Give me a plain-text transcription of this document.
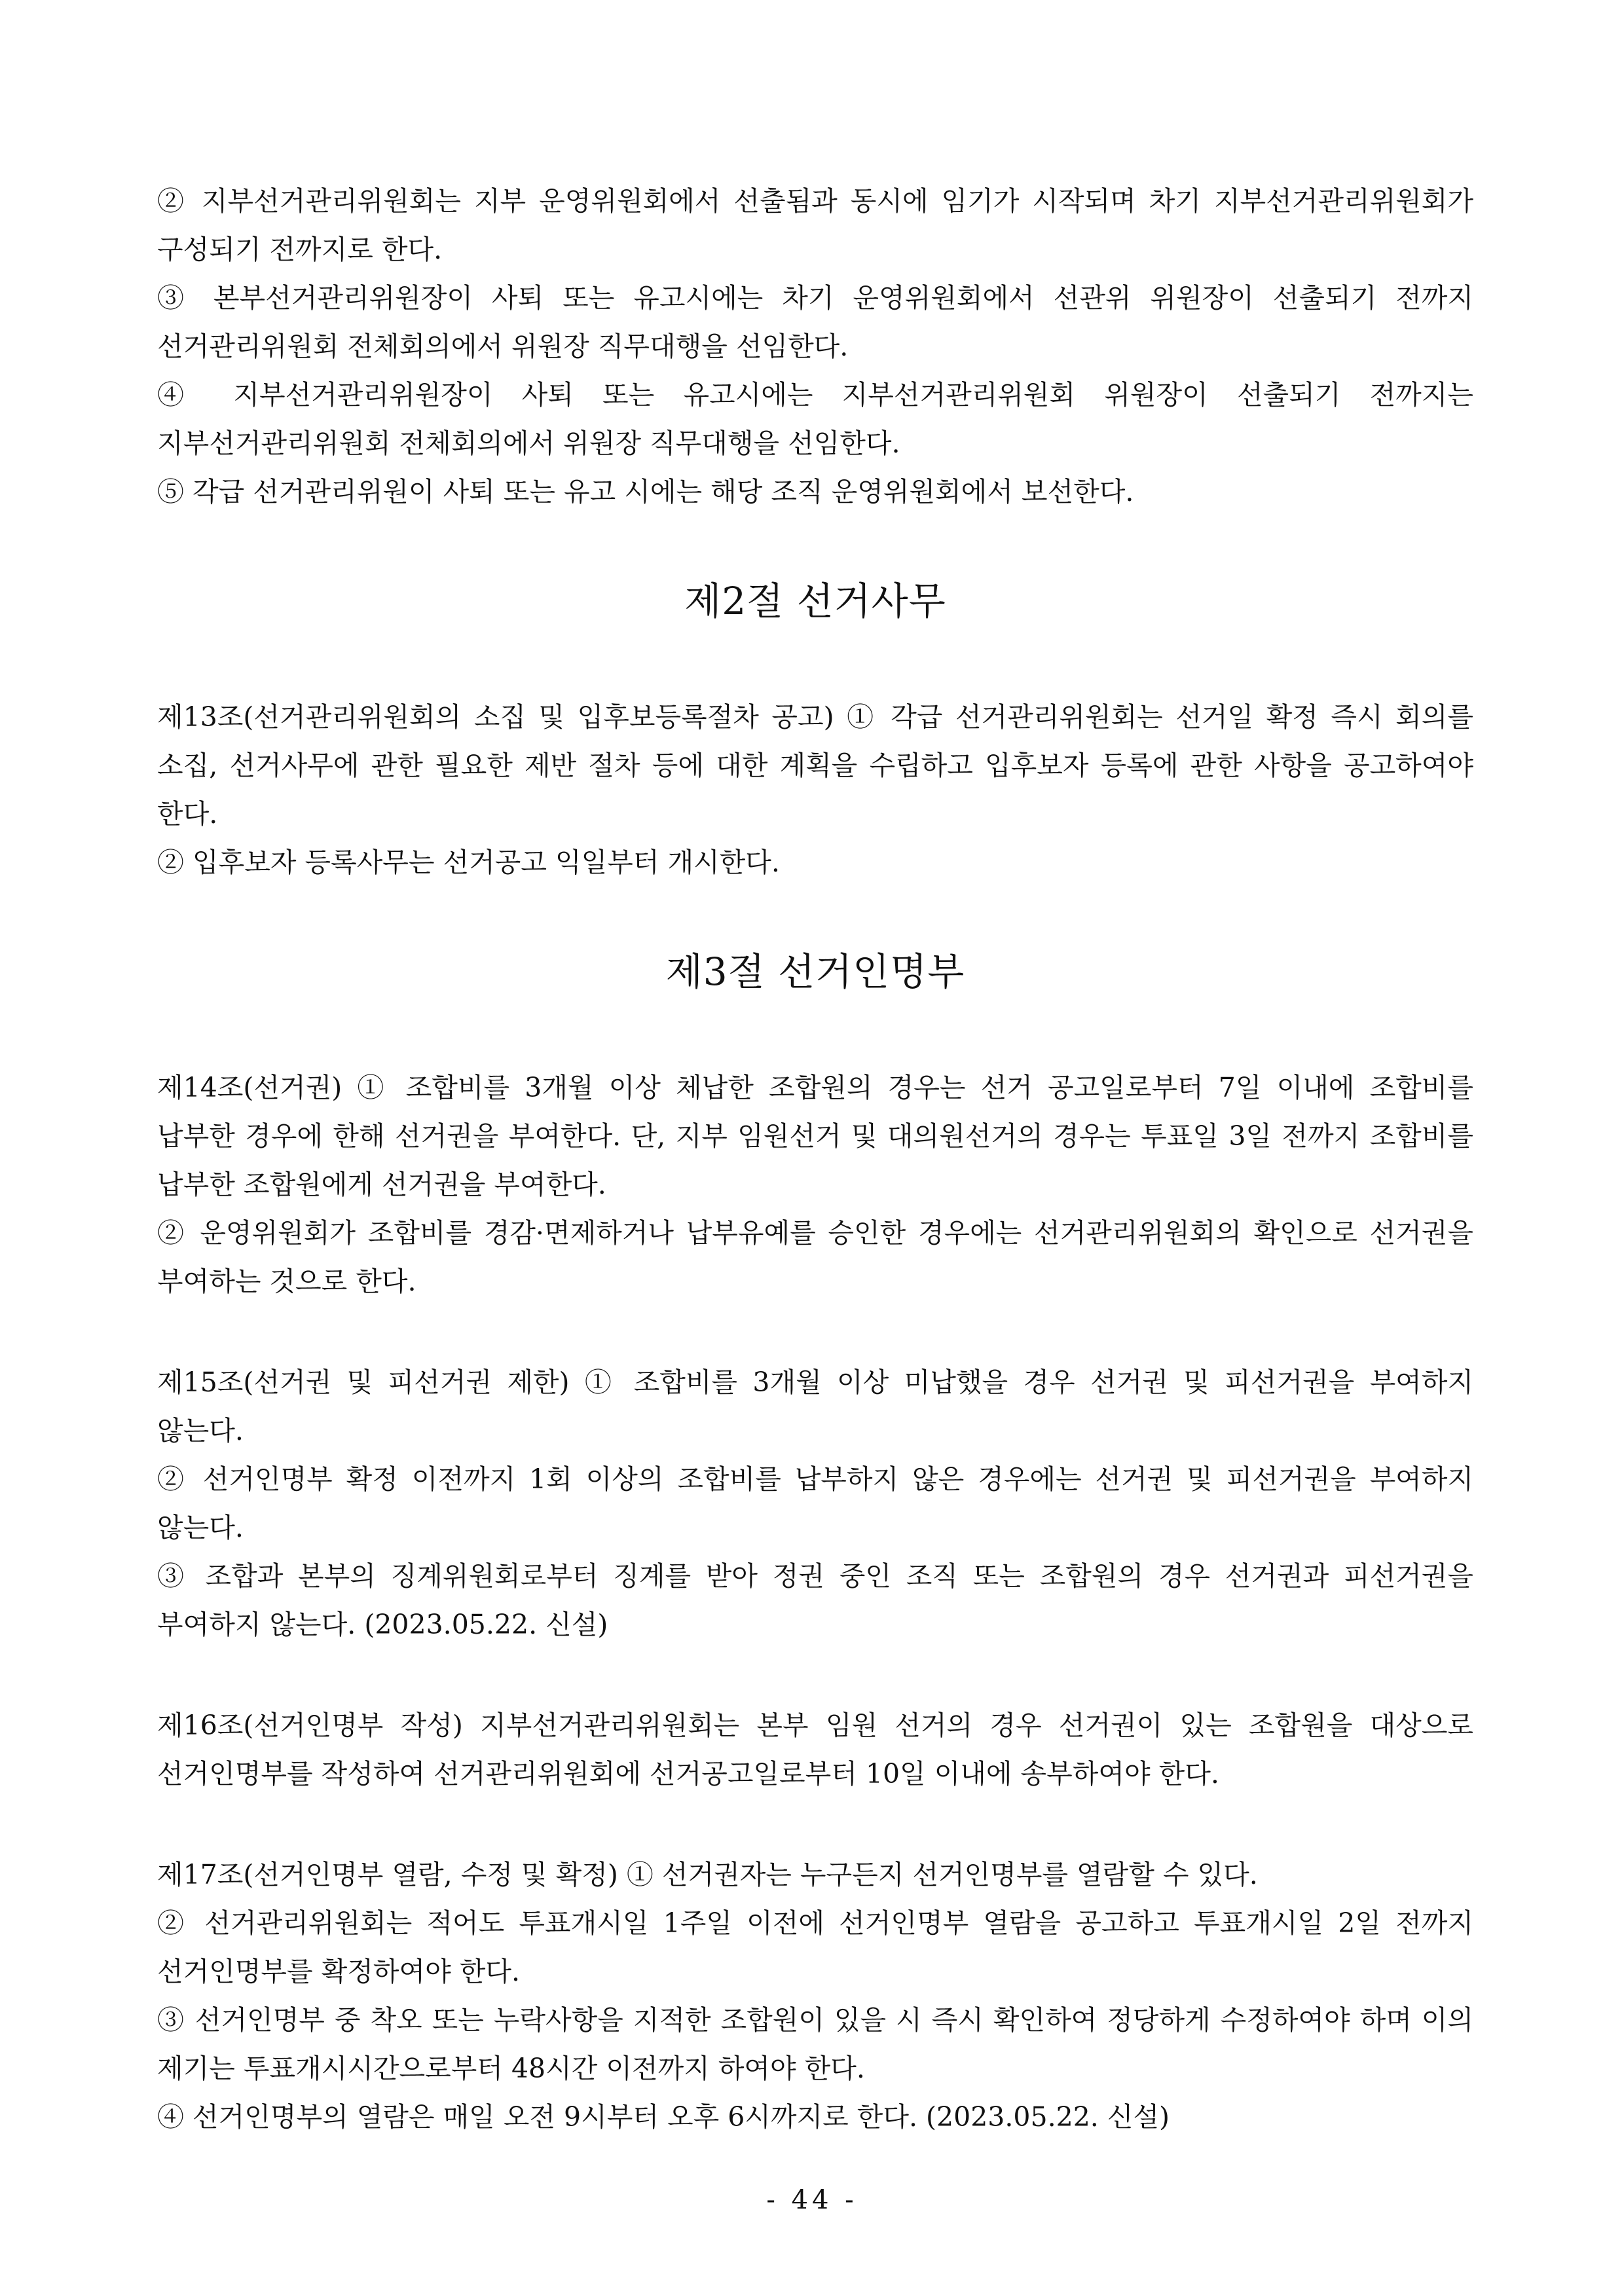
② 지부선거관리위원회는 지부 운영위원회에서 선출됨과 동시에 임기가 시작되며 차기 지부선거관리위원회가 구성되기 전까지로 한다.

③ 본부선거관리위원장이 사퇴 또는 유고시에는 차기 운영위원회에서 선관위 위원장이 선출되기 전까지 선거관리위원회 전체회의에서 위원장 직무대행을 선임한다.

④ 지부선거관리위원장이 사퇴 또는 유고시에는 지부선거관리위원회 위원장이 선출되기 전까지는 지부선거관리위원회 전체회의에서 위원장 직무대행을 선임한다.

⑤ 각급 선거관리위원이 사퇴 또는 유고 시에는 해당 조직 운영위원회에서 보선한다.

제2절 선거사무

제13조(선거관리위원회의 소집 및 입후보등록절차 공고) ① 각급 선거관리위원회는 선거일 확정 즉시 회의를 소집, 선거사무에 관한 필요한 제반 절차 등에 대한 계획을 수립하고 입후보자 등록에 관한 사항을 공고하여야 한다.

② 입후보자 등록사무는 선거공고 익일부터 개시한다.

제3절 선거인명부

제14조(선거권) ① 조합비를 3개월 이상 체납한 조합원의 경우는 선거 공고일로부터 7일 이내에 조합비를 납부한 경우에 한해 선거권을 부여한다. 단, 지부 임원선거 및 대의원선거의 경우는 투표일 3일 전까지 조합비를 납부한 조합원에게 선거권을 부여한다.

② 운영위원회가 조합비를 경감·면제하거나 납부유예를 승인한 경우에는 선거관리위원회의 확인으로 선거권을 부여하는 것으로 한다.

제15조(선거권 및 피선거권 제한) ① 조합비를 3개월 이상 미납했을 경우 선거권 및 피선거권을 부여하지 않는다.

② 선거인명부 확정 이전까지 1회 이상의 조합비를 납부하지 않은 경우에는 선거권 및 피선거권을 부여하지 않는다.

③ 조합과 본부의 징계위원회로부터 징계를 받아 정권 중인 조직 또는 조합원의 경우 선거권과 피선거권을 부여하지 않는다. (2023.05.22. 신설)

제16조(선거인명부 작성) 지부선거관리위원회는 본부 임원 선거의 경우 선거권이 있는 조합원을 대상으로 선거인명부를 작성하여 선거관리위원회에 선거공고일로부터 10일 이내에 송부하여야 한다.

제17조(선거인명부 열람, 수정 및 확정) ① 선거권자는 누구든지 선거인명부를 열람할 수 있다.

② 선거관리위원회는 적어도 투표개시일 1주일 이전에 선거인명부 열람을 공고하고 투표개시일 2일 전까지 선거인명부를 확정하여야 한다.

③ 선거인명부 중 착오 또는 누락사항을 지적한 조합원이 있을 시 즉시 확인하여 정당하게 수정하여야 하며 이의 제기는 투표개시시간으로부터 48시간 이전까지 하여야 한다.

④ 선거인명부의 열람은 매일 오전 9시부터 오후 6시까지로 한다. (2023.05.22. 신설)

- 44 -
